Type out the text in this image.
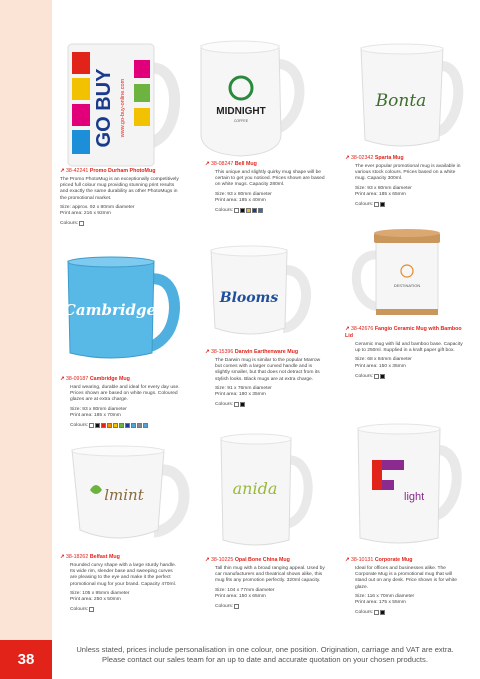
38
GO BUY www.go-buy-online.com	MIDNIGHT
COFFEE
Bonta
Cambridge
Blooms
DESTINATION
lmint	anida	light
↗ 38-42241 Promo Durham PhotoMug
The Promo PhotoMug is an exceptionally competitively priced full colour mug providing stunning print results and exactly the same durability as other PhotoMugs in the promotional market.
Size: approx. 92 x 80mm diameter
Print area: 216 x 92mm
Colours:
↗ 38-08247 Bell Mug
This unique and slightly quirky mug shape will be certain to get you noticed. Prices shown are based on white mugs. Capacity 280ml.
Size: 93 x 80mm diameter
Print area: 185 x 40mm
Colours:
↗ 38-02342 Sparta Mug
The ever popular promotional mug is available in various stock colours. Prices based on a white mug. Capacity 300ml.
Size: 93 x 80mm diameter
Print area: 185 x 65mm
Colours:
↗ 38-09187 Cambridge Mug
Hard wearing, durable and ideal for every day use. Prices shown are based on white mugs. Coloured glazes are at extra charge.
Size: 93 x 80mm diameter
Print area: 185 x 70mm
Colours:
↗ 38-15396 Darwin Earthenware Mug
The Darwin mug is similar to the popular Marrow but comes with a larger curved handle and is slightly smaller, but that does not detract from its stylish looks. Black mugs are at extra charge.
Size: 91 x 76mm diameter
Print area: 180 x 35mm
Colours:
↗ 38-42676 Fangio Ceramic Mug with Bamboo Lid
Ceramic mug with lid and bamboo base. Capacity up to 250ml. Supplied in a kraft paper gift box.
Size: 68 x 84mm diameter
Print area: 150 x 35mm
Colours:
↗ 38-18262 Belfast Mug
Rounded curvy shape with a large sturdy handle. Its wide rim, slender base and sweeping curves are pleasing to the eye and make it the perfect promotional mug for your brand. Capacity 470ml.
Size: 105 x 95mm diameter
Print area: 250 x 50mm
Colours:
↗ 38-10225 Opal Bone China Mug
Tall thin mug with a broad ranging appeal. Used by car manufacturers and theatrical shows alike, this mug fits any promotion perfectly. 320ml capacity.
Size: 104 x 77mm diameter
Print area: 150 x 65mm
Colours:
↗ 38-10131 Corporate Mug
Ideal for offices and businesses alike. The Corporate Mug is a promotional mug that will stand out on any desk. Price shown is for white glaze.
Size: 116 x 70mm diameter
Print area: 175 x 55mm
Colours:
Unless stated, prices include personalisation in one colour, one position. Origination, carriage and VAT are extra.
Please contact our sales team for an up to date and accurate quotation on your chosen products.
